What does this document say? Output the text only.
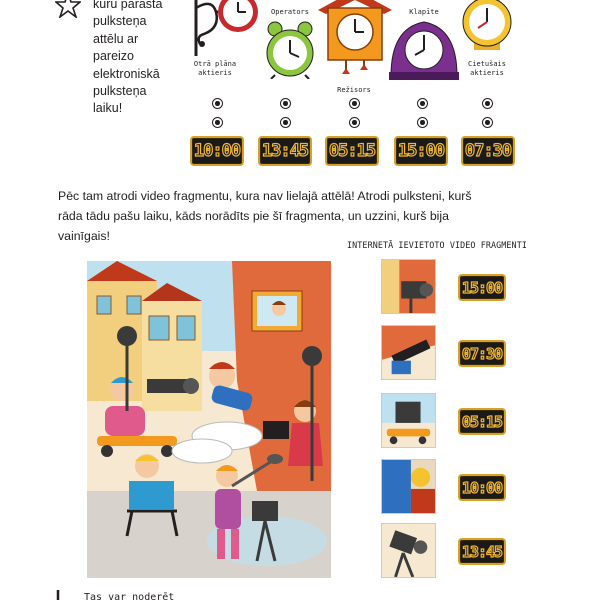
kuru parastā pulksteņa attēlu ar pareizo elektroniskā pulksteņa laiku!
Otrā plāna aktieris
Operators
Režisors
Klapīte
Cietušais aktieris
10:00 13:45 05:15 15:00 07:30
Pēc tam atrodi video fragmentu, kura nav lielajā attēlā! Atrodi pulksteni, kurš rāda tādu pašu laiku, kāds norādīts pie šī fragmenta, un uzzini, kurš bija vainīgais!
INTERNETĀ IEVIETOTO VIDEO FRAGMENTI
15:00
07:30
05:15
10:00
13:45
Tas var noderēt
